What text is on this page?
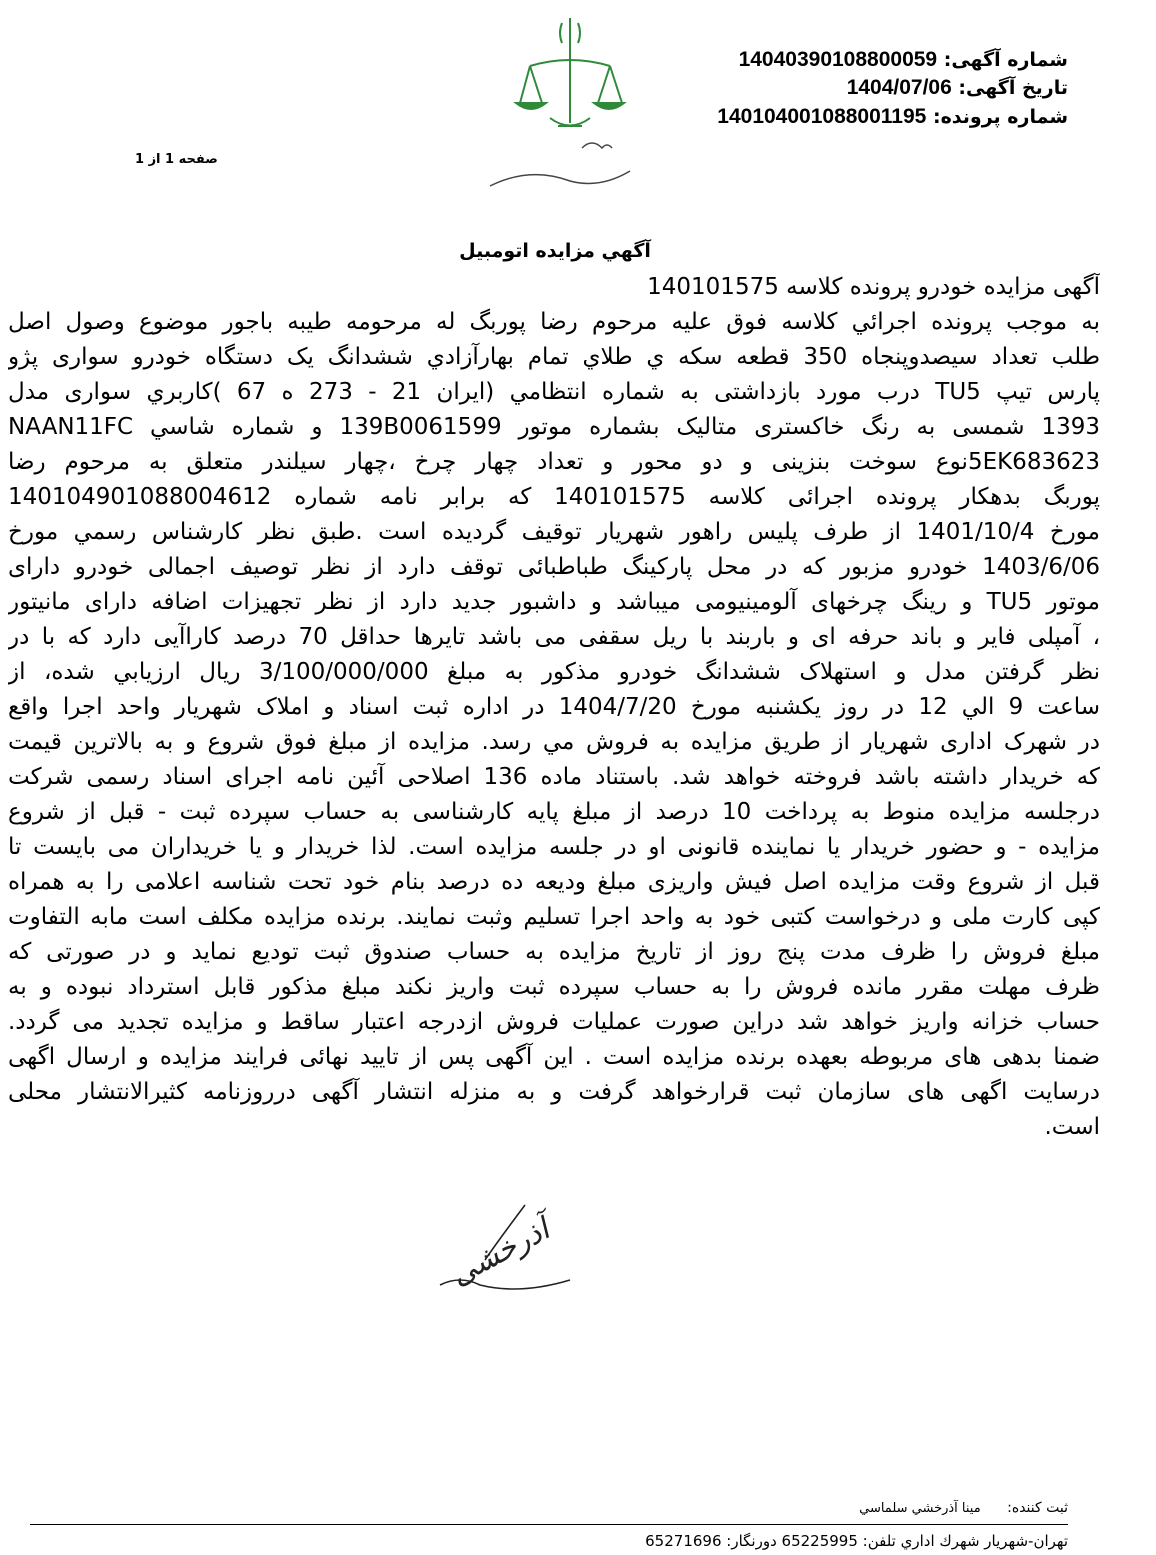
شماره آگهی: 14040390108800059
تاریخ آگهی: 1404/07/06
شماره پرونده: 140104001088001195
صفحه 1 از 1
آگهي مزایده اتومبیل
آگهی مزایده خودرو پرونده کلاسه 140101575
به موجب پرونده اجرائي کلاسه فوق علیه مرحوم رضا پوربگ له مرحومه طیبه باجور موضوع وصول اصل
طلب تعداد سیصدوپنجاه 350 قطعه سکه ي طلاي تمام بهارآزادي ششدانگ یک دستگاه خودرو سواری پژو
پارس تیپ TU5 درب مورد بازداشتی به شماره انتظامي (ایران 21 - 273 ه 67 )کاربري سواری مدل
1393 شمسی به رنگ خاکستری متالیک بشماره موتور 139B0061599 و شماره شاسي NAAN11FC
5EK683623نوع سوخت بنزینی و دو محور و تعداد چهار چرخ ،چهار سیلندر متعلق به مرحوم رضا
پوربگ بدهکار پرونده اجرائی کلاسه 140101575 که برابر نامه شماره 140104901088004612
مورخ 1401/10/4 از طرف پلیس راهور شهریار توقیف گردیده است .طبق نظر کارشناس رسمي مورخ
1403/6/06 خودرو مزبور که در محل پارکینگ طباطبائی توقف دارد از نظر توصیف اجمالی خودرو دارای
موتور TU5 و رینگ چرخهای آلومینیومی میباشد و داشبور جدید دارد از نظر تجهیزات اضافه دارای مانیتور
، آمپلی فایر و باند حرفه ای و باربند با ریل سقفی می باشد تایرها حداقل 70 درصد کاراآیی دارد که با در
نظر گرفتن مدل و استهلاک ششدانگ خودرو مذکور به مبلغ 3/100/000/000 ریال ارزیابي شده، از
ساعت 9 الي 12 در روز یکشنبه مورخ 1404/7/20 در اداره ثبت اسناد و املاک شهریار واحد اجرا واقع
در شهرک اداری شهریار از طریق مزایده به فروش مي رسد. مزایده از مبلغ فوق شروع و به بالاترین قیمت
که خریدار داشته باشد فروخته خواهد شد. باستناد ماده 136 اصلاحی آئین نامه اجرای اسناد رسمی شرکت
درجلسه مزایده منوط به پرداخت 10 درصد از مبلغ پایه کارشناسی به حساب سپرده ثبت - قبل از شروع
مزایده - و حضور خریدار یا نماینده قانونی او در جلسه مزایده است. لذا خریدار و یا خریداران می بایست تا
قبل از شروع وقت مزایده اصل فیش واریزی مبلغ ودیعه ده درصد بنام خود تحت شناسه اعلامی را به همراه
کپی کارت ملی و درخواست کتبی خود به واحد اجرا تسلیم وثبت نمایند. برنده مزایده مکلف است مابه التفاوت
مبلغ فروش را ظرف مدت پنج روز از تاریخ مزایده به حساب صندوق ثبت تودیع نماید و در صورتی که
ظرف مهلت مقرر مانده فروش را به حساب سپرده ثبت واریز نکند مبلغ مذکور قابل استرداد نبوده و به
حساب خزانه واریز خواهد شد دراین صورت عملیات فروش ازدرجه اعتبار ساقط و مزایده تجدید می گردد.
ضمنا بدهی های مربوطه بعهده برنده مزایده است . این آگهی پس از تایید نهائی فرایند مزایده و ارسال اگهی
درسایت اگهی های سازمان ثبت قرارخواهد گرفت و به منزله انتشار آگهی درروزنامه کثیرالانتشار محلی
است.
آذرخشی
ثبت کننده: مینا آذرخشي سلماسي
تهران-شهریار شهرك اداري تلفن: 65225995 دورنگار: 65271696
